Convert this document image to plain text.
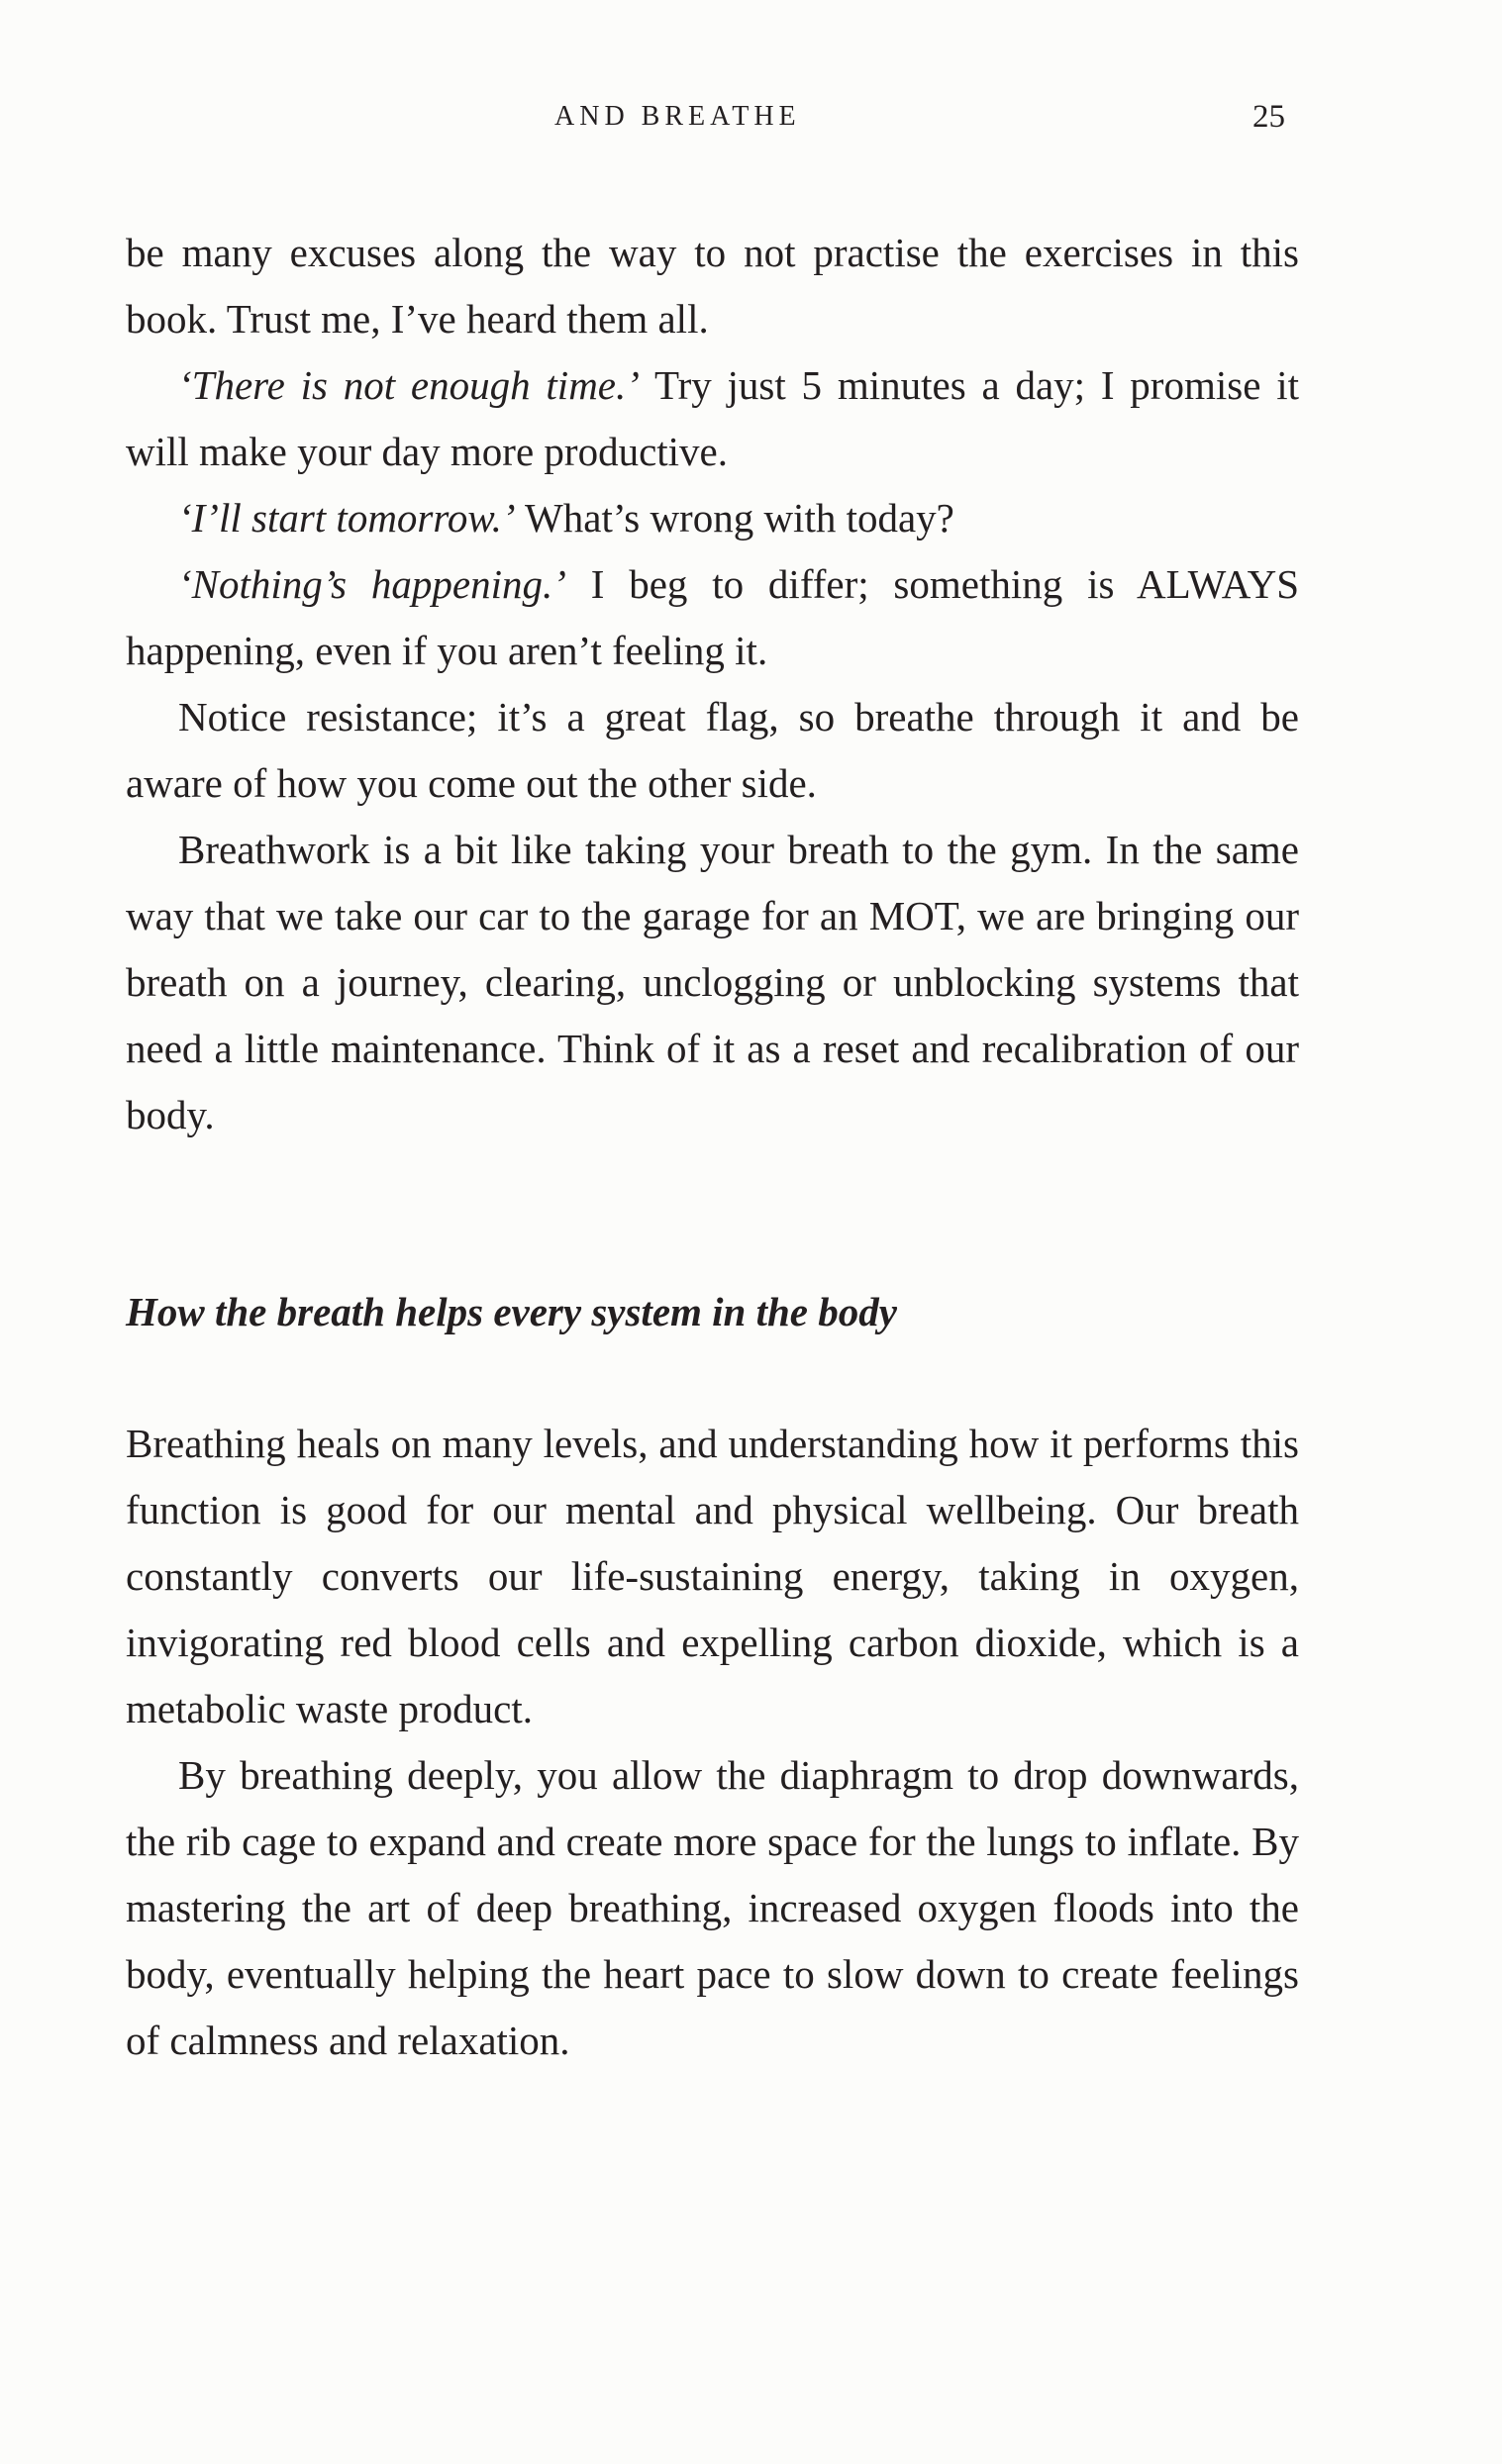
AND BREATHE	25

be many excuses along the way to not practise the exercises in this book. Trust me, I’ve heard them all.

‘There is not enough time.’ Try just 5 minutes a day; I promise it will make your day more productive.

‘I’ll start tomorrow.’ What’s wrong with today?

‘Nothing’s happening.’ I beg to differ; something is ALWAYS happening, even if you aren’t feeling it.

Notice resistance; it’s a great flag, so breathe through it and be aware of how you come out the other side.

Breathwork is a bit like taking your breath to the gym. In the same way that we take our car to the garage for an MOT, we are bringing our breath on a journey, clearing, unclogging or unblocking systems that need a little maintenance. Think of it as a reset and recalibration of our body.

How the breath helps every system in the body

Breathing heals on many levels, and understanding how it performs this function is good for our mental and physical wellbeing. Our breath constantly converts our life-sustaining energy, taking in oxygen, invigorating red blood cells and expelling carbon dioxide, which is a metabolic waste product.

By breathing deeply, you allow the diaphragm to drop downwards, the rib cage to expand and create more space for the lungs to inflate. By mastering the art of deep breathing, increased oxygen floods into the body, eventually helping the heart pace to slow down to create feelings of calmness and relaxation.
